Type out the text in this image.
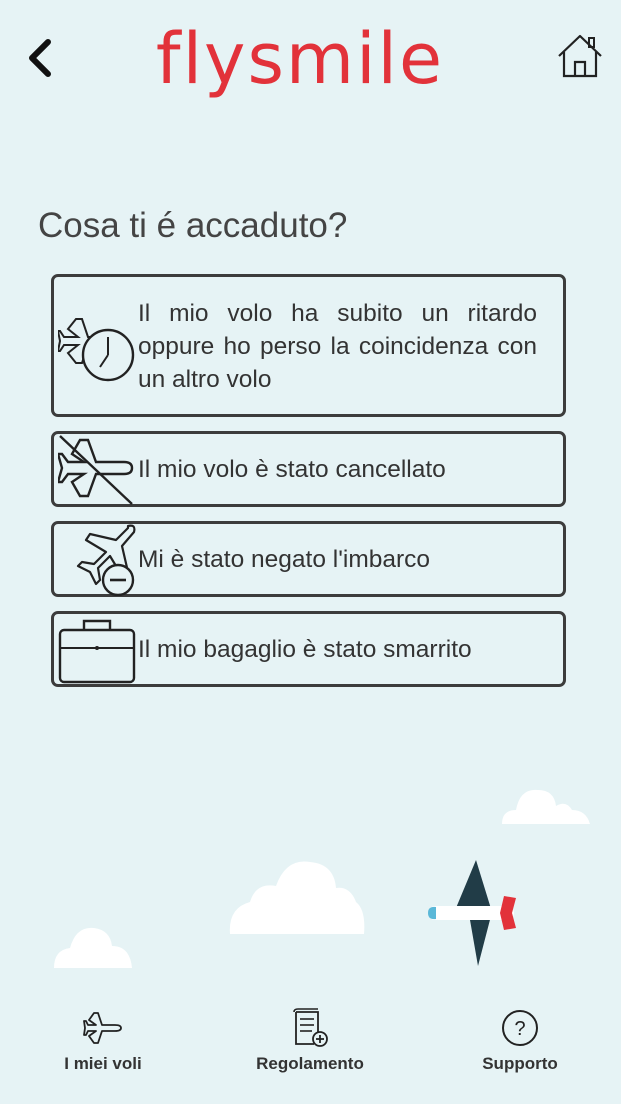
flysmile
Cosa ti é accaduto?
Il mio volo ha subito un ritardo oppure ho perso la coincidenza con un altro volo
Il mio volo è stato cancellato
Mi è stato negato l'imbarco
Il mio bagaglio è stato smarrito
I miei voli	Regolamento
?
Supporto
